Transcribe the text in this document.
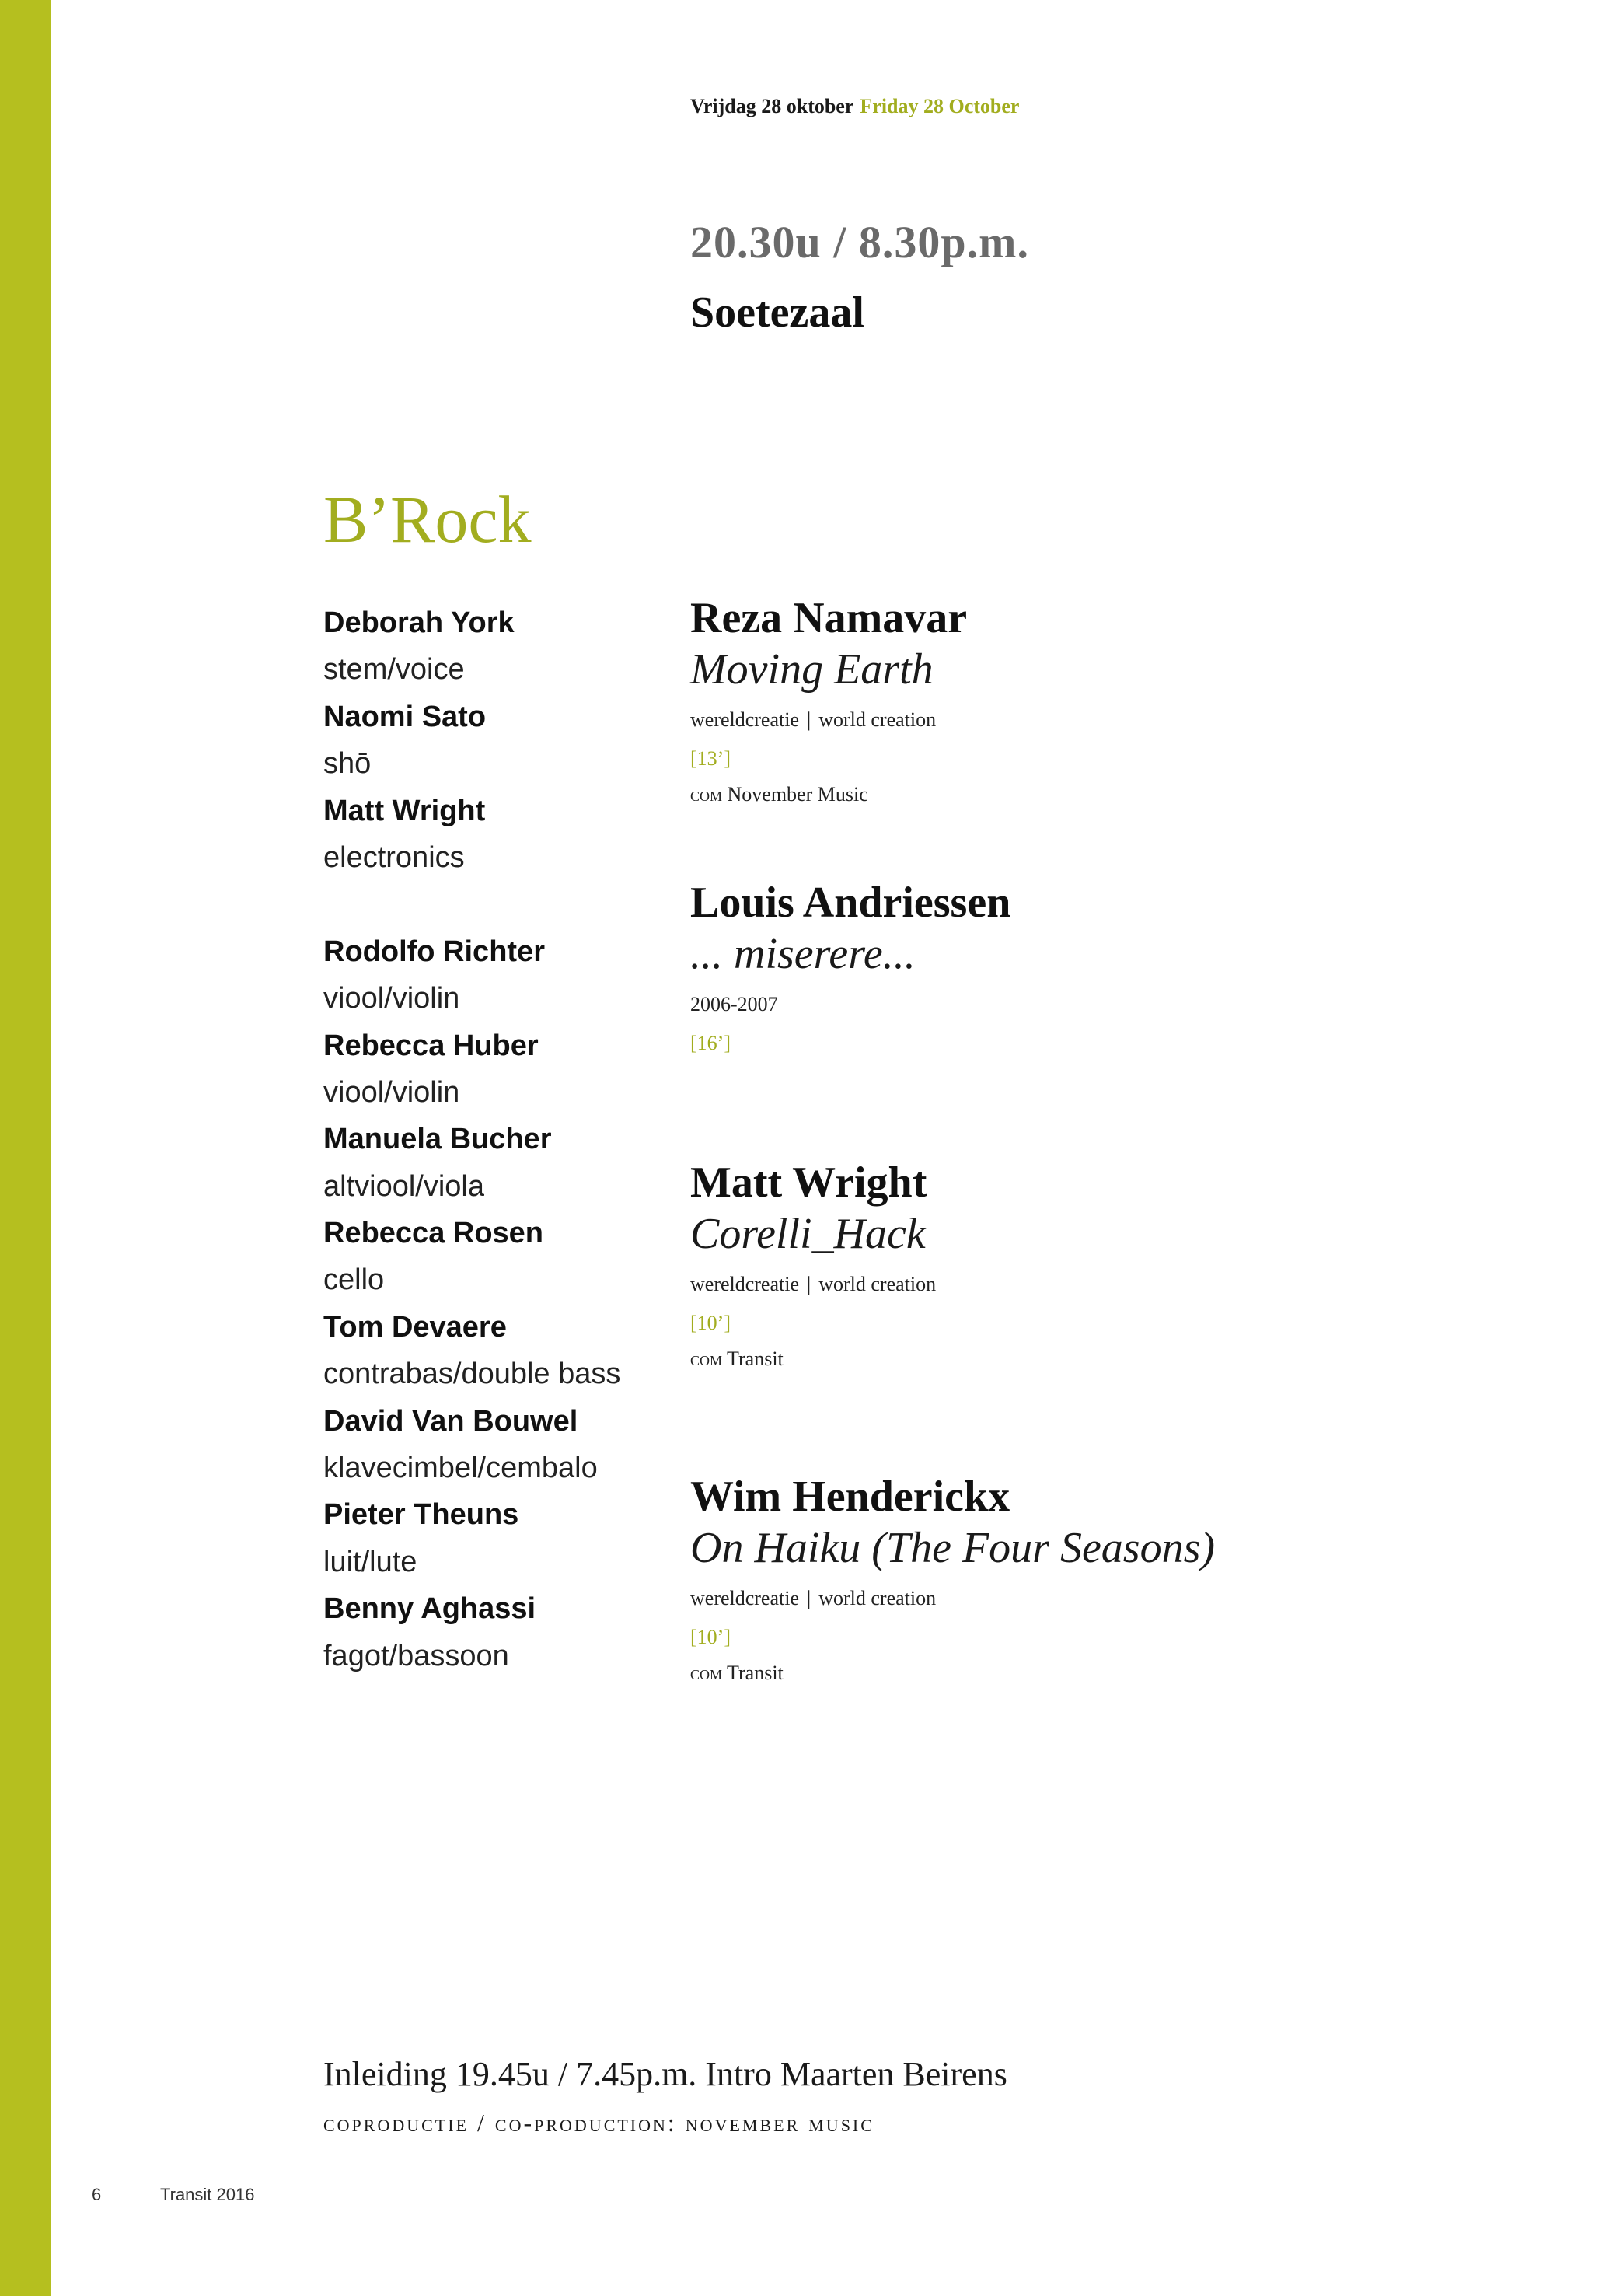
Vrijdag 28 oktober Friday 28 October
20.30u / 8.30p.m.
Soetezaal
B’Rock
Deborah York
stem/voice
Naomi Sato
shō
Matt Wright
electronics
Rodolfo Richter
viool/violin
Rebecca Huber
viool/violin
Manuela Bucher
altviool/viola
Rebecca Rosen
cello
Tom Devaere
contrabas/double bass
David Van Bouwel
klavecimbel/cembalo
Pieter Theuns
luit/lute
Benny Aghassi
fagot/bassoon
Reza Namavar
Moving Earth
wereldcreatie | world creation
[13’]
com November Music
Louis Andriessen
... miserere...
2006-2007
[16’]
Matt Wright
Corelli_Hack
wereldcreatie | world creation
[10’]
com Transit
Wim Henderickx
On Haiku (The Four Seasons)
wereldcreatie | world creation
[10’]
com Transit
Inleiding 19.45u / 7.45p.m. Intro Maarten Beirens
coproductie / co-production: november music
6	Transit 2016
